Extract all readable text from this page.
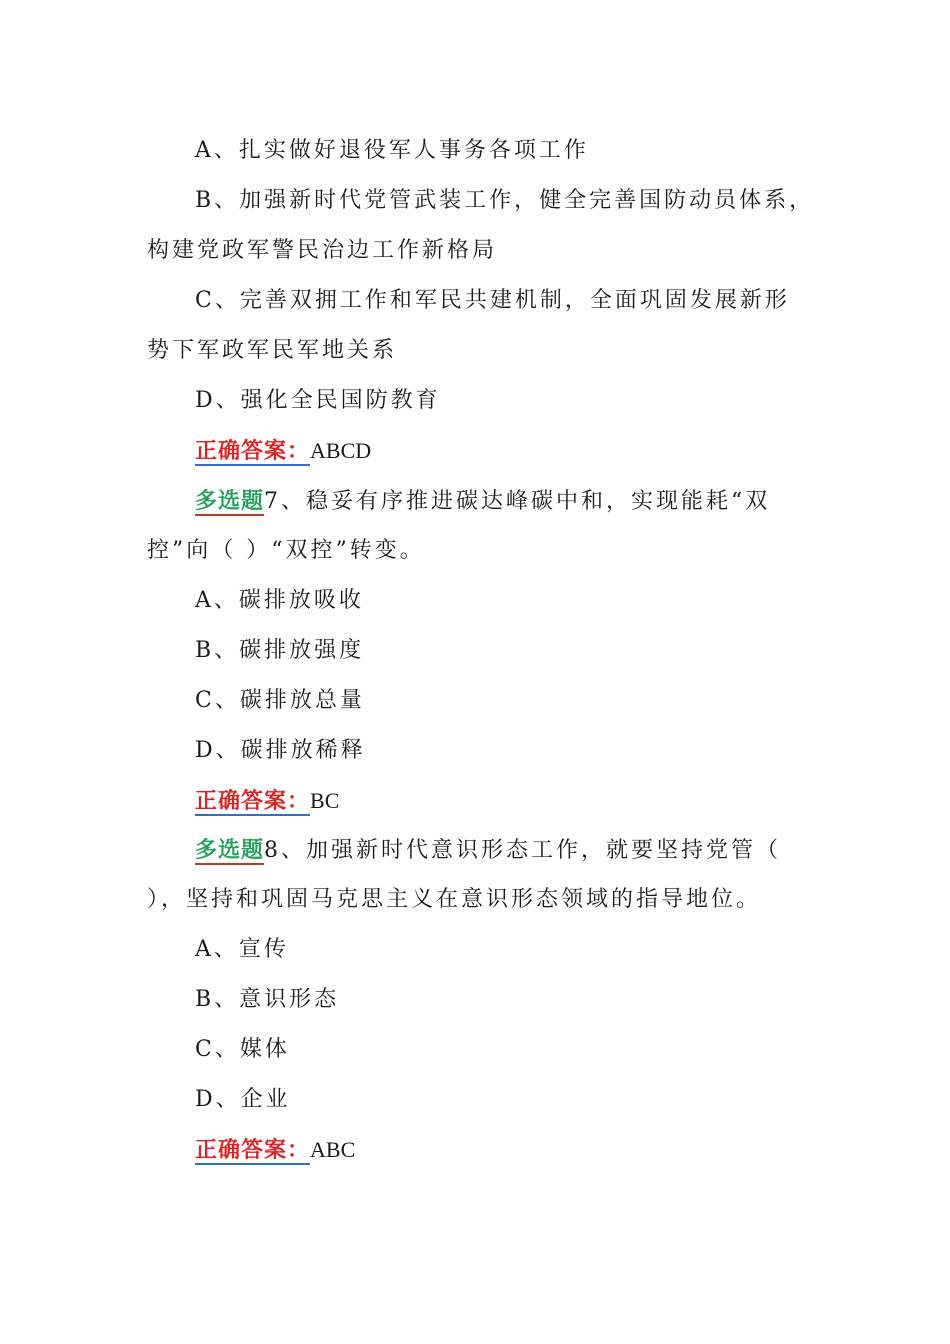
A、扎实做好退役军人事务各项工作
B、加强新时代党管武装工作，健全完善国防动员体系，
构建党政军警民治边工作新格局
C、完善双拥工作和军民共建机制，全面巩固发展新形
势下军政军民军地关系
D、强化全民国防教育
正确答案：ABCD
多选题7、稳妥有序推进碳达峰碳中和，实现能耗“双
控”向（ ）“双控”转变。
A、碳排放吸收
B、碳排放强度
C、碳排放总量
D、碳排放稀释
正确答案：BC
多选题8、加强新时代意识形态工作，就要坚持党管（
），坚持和巩固马克思主义在意识形态领域的指导地位。
A、宣传
B、意识形态
C、媒体
D、企业
正确答案：ABC
